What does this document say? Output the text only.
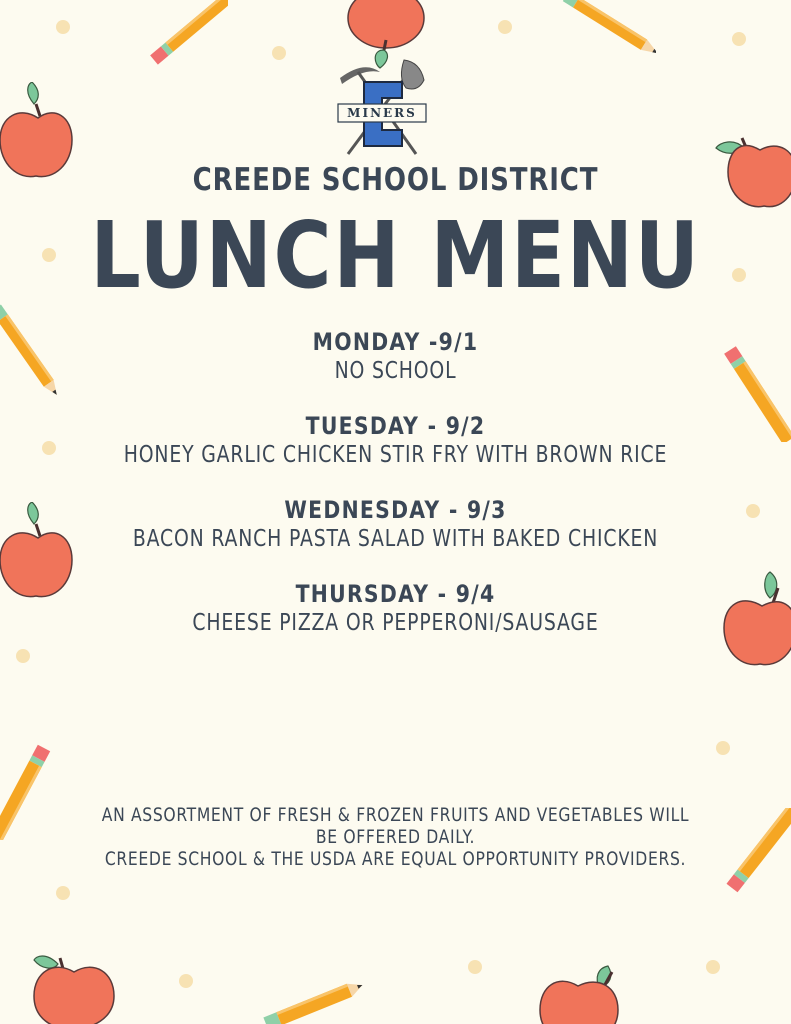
MINERS
CREEDE SCHOOL DISTRICT
LUNCH MENU
MONDAY -9/1
NO SCHOOL
TUESDAY - 9/2
HONEY GARLIC CHICKEN STIR FRY WITH BROWN RICE
WEDNESDAY - 9/3
BACON RANCH PASTA SALAD WITH BAKED CHICKEN
THURSDAY - 9/4
CHEESE PIZZA OR PEPPERONI/SAUSAGE
AN ASSORTMENT OF FRESH & FROZEN FRUITS AND VEGETABLES WILL
BE OFFERED DAILY.
CREEDE SCHOOL & THE USDA ARE EQUAL OPPORTUNITY PROVIDERS.
